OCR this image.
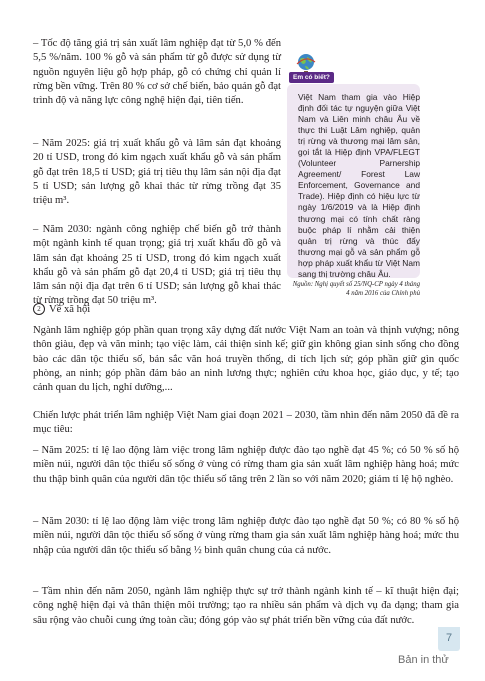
– Tốc độ tăng giá trị sản xuất lâm nghiệp đạt từ 5,0 % đến 5,5 %/năm. 100 % gỗ và sản phẩm từ gỗ được sử dụng từ nguồn nguyên liệu gỗ hợp pháp, gỗ có chứng chỉ quản lí rừng bền vững. Trên 80 % cơ sở chế biến, bảo quản gỗ đạt trình độ và năng lực công nghệ hiện đại, tiên tiến.

– Năm 2025: giá trị xuất khẩu gỗ và lâm sản đạt khoảng 20 tỉ USD, trong đó kim ngạch xuất khẩu gỗ và sản phẩm gỗ đạt trên 18,5 tỉ USD; giá trị tiêu thụ lâm sản nội địa đạt 5 tỉ USD; sản lượng gỗ khai thác từ rừng trồng đạt 35 triệu m³.

– Năm 2030: ngành công nghiệp chế biến gỗ trở thành một ngành kinh tế quan trọng; giá trị xuất khẩu đồ gỗ và lâm sản đạt khoảng 25 tỉ USD, trong đó kim ngạch xuất khẩu gỗ và sản phẩm gỗ đạt 20,4 tỉ USD; giá trị tiêu thụ lâm sản nội địa đạt trên 6 tỉ USD; sản lượng gỗ khai thác từ rừng trồng đạt 50 triệu m³.

Em có biết?

Việt Nam tham gia vào Hiệp định đối tác tự nguyện giữa Việt Nam và Liên minh châu Âu về thực thi Luật Lâm nghiệp, quản trị rừng và thương mại lâm sản, gọi tắt là Hiệp định VPA/FLEGT (Volunteer Parnership Agreement/ Forest Law Enforcement, Governance and Trade). Hiệp định có hiệu lực từ ngày 1/6/2019 và là Hiệp định thương mại có tính chất ràng buộc pháp lí nhằm cải thiện quản trị rừng và thúc đẩy thương mại gỗ và sản phẩm gỗ hợp pháp xuất khẩu từ Việt Nam sang thị trường châu Âu.

Nguồn: Nghị quyết số 25/NQ-CP ngày 4 tháng 4 năm 2016 của Chính phủ

2 Về xã hội

Ngành lâm nghiệp góp phần quan trọng xây dựng đất nước Việt Nam an toàn và thịnh vượng; nông thôn giàu, đẹp và văn minh; tạo việc làm, cải thiện sinh kế; giữ gìn không gian sinh sống cho đồng bào các dân tộc thiểu số, bản sắc văn hoá truyền thống, di tích lịch sử; góp phần giữ gìn quốc phòng, an ninh; góp phần đảm bảo an ninh lương thực; nghiên cứu khoa học, giáo dục, y tế; tạo cảnh quan du lịch, nghỉ dưỡng,...

Chiến lược phát triển lâm nghiệp Việt Nam giai đoạn 2021 – 2030, tầm nhìn đến năm 2050 đã đề ra mục tiêu:

– Năm 2025: tỉ lệ lao động làm việc trong lâm nghiệp được đào tạo nghề đạt 45 %; có 50 % số hộ miền núi, người dân tộc thiểu số sống ở vùng có rừng tham gia sản xuất lâm nghiệp hàng hoá; mức thu thập bình quân của người dân tộc thiểu số tăng trên 2 lần so với năm 2020; giảm tỉ lệ hộ nghèo.

– Năm 2030: tỉ lệ lao động làm việc trong lâm nghiệp được đào tạo nghề đạt 50 %; có 80 % số hộ miền núi, người dân tộc thiểu số sống ở vùng rừng tham gia sản xuất lâm nghiệp hàng hoá; mức thu nhập của người dân tộc thiểu số bằng ½ bình quân chung của cả nước.

– Tầm nhìn đến năm 2050, ngành lâm nghiệp thực sự trở thành ngành kinh tế – kĩ thuật hiện đại; công nghệ hiện đại và thân thiện môi trường; tạo ra nhiều sản phẩm và dịch vụ đa dạng; tham gia sâu rộng vào chuỗi cung ứng toàn cầu; đóng góp vào sự phát triển bền vững của đất nước.

7
Bản in thử
